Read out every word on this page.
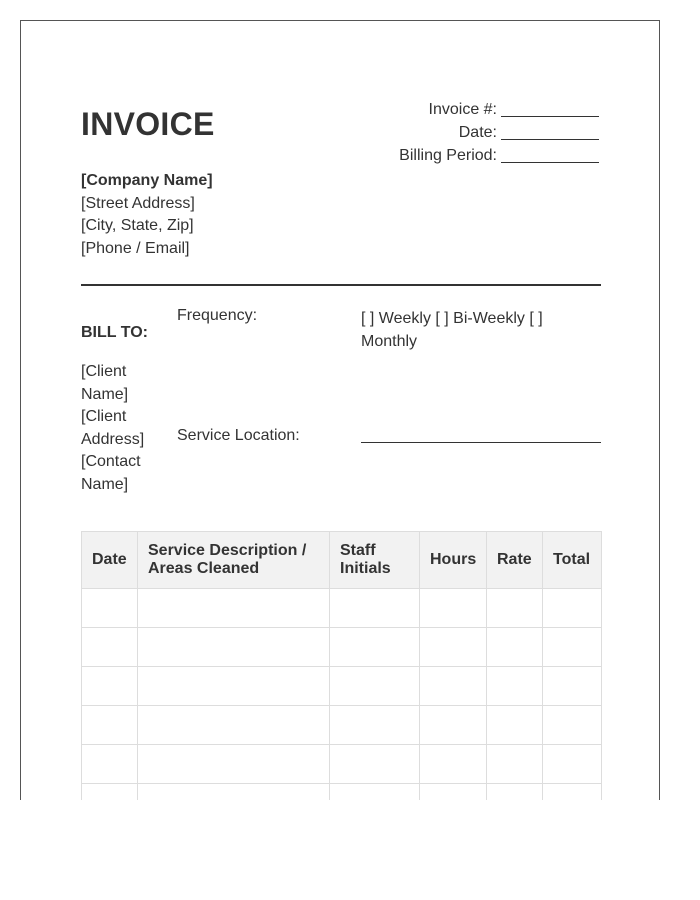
INVOICE	Invoice #:
Date:
Billing Period:
[Company Name]
[Street Address]
[City, State, Zip]
[Phone / Email]
BILL TO:
[Client Name]
[Client Address]
[Contact Name]
Frequency:	[ ] Weekly [ ] Bi-Weekly [ ] Monthly
Service Location:
Date	Service Description / Areas Cleaned	Staff Initials	Hours	Rate	Total
